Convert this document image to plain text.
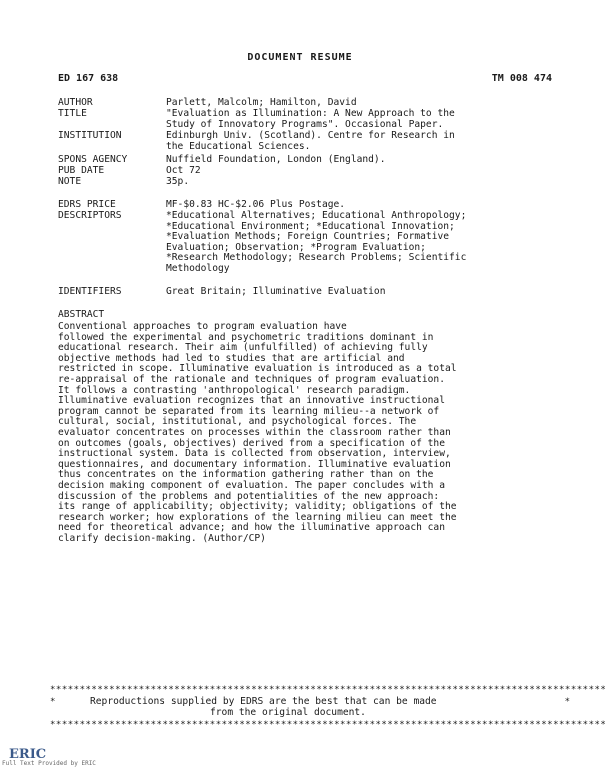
DOCUMENT RESUME
ED 167 638	TM 008 474
AUTHOR	Parlett, Malcolm; Hamilton, David
TITLE	"Evaluation as Illumination: A New Approach to the
Study of Innovatory Programs". Occasional Paper.
INSTITUTION	Edinburgh Univ. (Scotland). Centre for Research in
the Educational Sciences.
SPONS AGENCY	Nuffield Foundation, London (England).
PUB DATE	Oct 72
NOTE	35p.
EDRS PRICE	MF-$0.83 HC-$2.06 Plus Postage.
DESCRIPTORS	*Educational Alternatives; Educational Anthropology;
*Educational Environment; *Educational Innovation;
*Evaluation Methods; Foreign Countries; Formative
Evaluation; Observation; *Program Evaluation;
*Research Methodology; Research Problems; Scientific
Methodology
IDENTIFIERS	Great Britain; Illuminative Evaluation
ABSTRACT
Conventional approaches to program evaluation have
followed the experimental and psychometric traditions dominant in
educational research. Their aim (unfulfilled) of achieving fully
objective methods had led to studies that are artificial and
restricted in scope. Illuminative evaluation is introduced as a total
re-appraisal of the rationale and techniques of program evaluation.
It follows a contrasting 'anthropological' research paradigm.
Illuminative evaluation recognizes that an innovative instructional
program cannot be separated from its learning milieu--a network of
cultural, social, institutional, and psychological forces. The
evaluator concentrates on processes within the classroom rather than
on outcomes (goals, objectives) derived from a specification of the
instructional system. Data is collected from observation, interview,
questionnaires, and documentary information. Illuminative evaluation
thus concentrates on the information gathering rather than on the
decision making component of evaluation. The paper concludes with a
discussion of the problems and potentialities of the new approach:
its range of applicability; objectivity; validity; obligations of the
research worker; how explorations of the learning milieu can meet the
need for theoretical advance; and how the illuminative approach can
clarify decision-making. (Author/CP)
**********************************************************************************************
*	Reproductions supplied by EDRS are the best that can be made
from the original document.
*
**********************************************************************************************
ERIC
Full Text Provided by ERIC
